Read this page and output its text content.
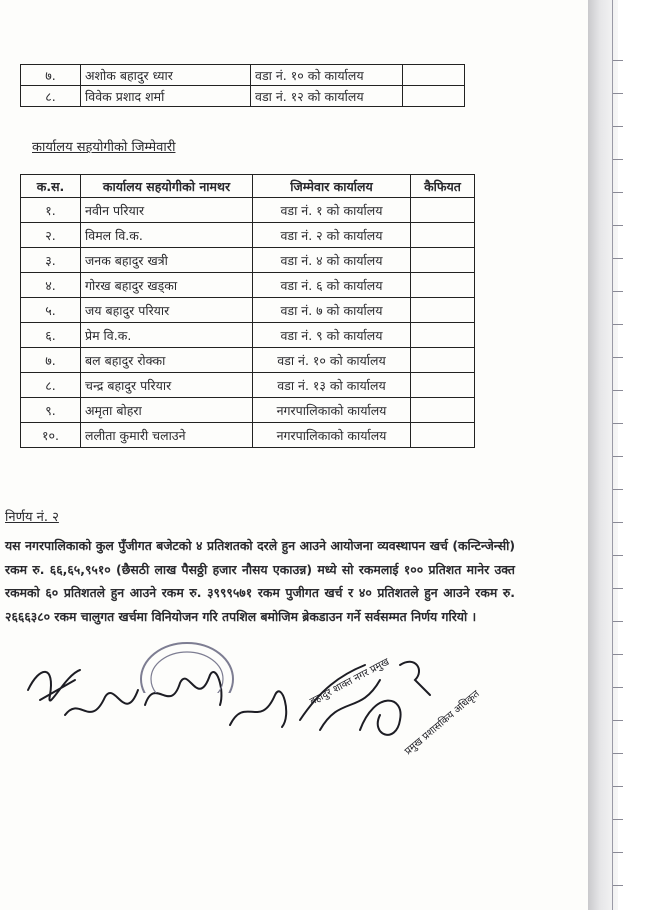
७.	अशोक बहादुर ध्यार	वडा नं. १० को कार्यालय	
८.	विवेक प्रशाद शर्मा	वडा नं. १२ को कार्यालय	
कार्यालय सहयोगीको जिम्मेवारी
क.स.	कार्यालय सहयोगीको नामथर	जिम्मेवार कार्यालय	कैफियत
१.	नवीन परियार	वडा नं. १ को कार्यालय	
२.	विमल वि.क.	वडा नं. २ को कार्यालय	
३.	जनक बहादुर खत्री	वडा नं. ४ को कार्यालय	
४.	गोरख बहादुर खड्का	वडा नं. ६ को कार्यालय	
५.	जय बहादुर परियार	वडा नं. ७ को कार्यालय	
६.	प्रेम वि.क.	वडा नं. ९ को कार्यालय	
७.	बल बहादुर रोक्का	वडा नं. १० को कार्यालय	
८.	चन्द्र बहादुर परियार	वडा नं. १३ को कार्यालय	
९.	अमृता बोहरा	नगरपालिकाको कार्यालय	
१०.	ललीता कुमारी चलाउने	नगरपालिकाको कार्यालय	
निर्णय नं. २
यस नगरपालिकाको कुल पुँजीगत बजेटको ४ प्रतिशतको दरले हुन आउने आयोजना व्यवस्थापन खर्च (कन्टिन्जेन्सी) रकम रु. ६६,६५,९५१० (छैसठी लाख पैसठ्ठी हजार नौसय एकाउन्न) मध्ये सो रकमलाई १०० प्रतिशत मानेर उक्त रकमको ६० प्रतिशतले हुन आउने रकम रु. ३९९९५७१ रकम पुजीगत खर्च र ४० प्रतिशतले हुन आउने रकम रु. २६६६३८० रकम चालुगत खर्चमा विनियोजन गरि तपशिल बमोजिम ब्रेकडाउन गर्ने सर्वसम्मत निर्णय गरियो ।
बहादुर शाक्त नगर प्रमुख
प्रमुख प्रशासकिय अधिकृत
